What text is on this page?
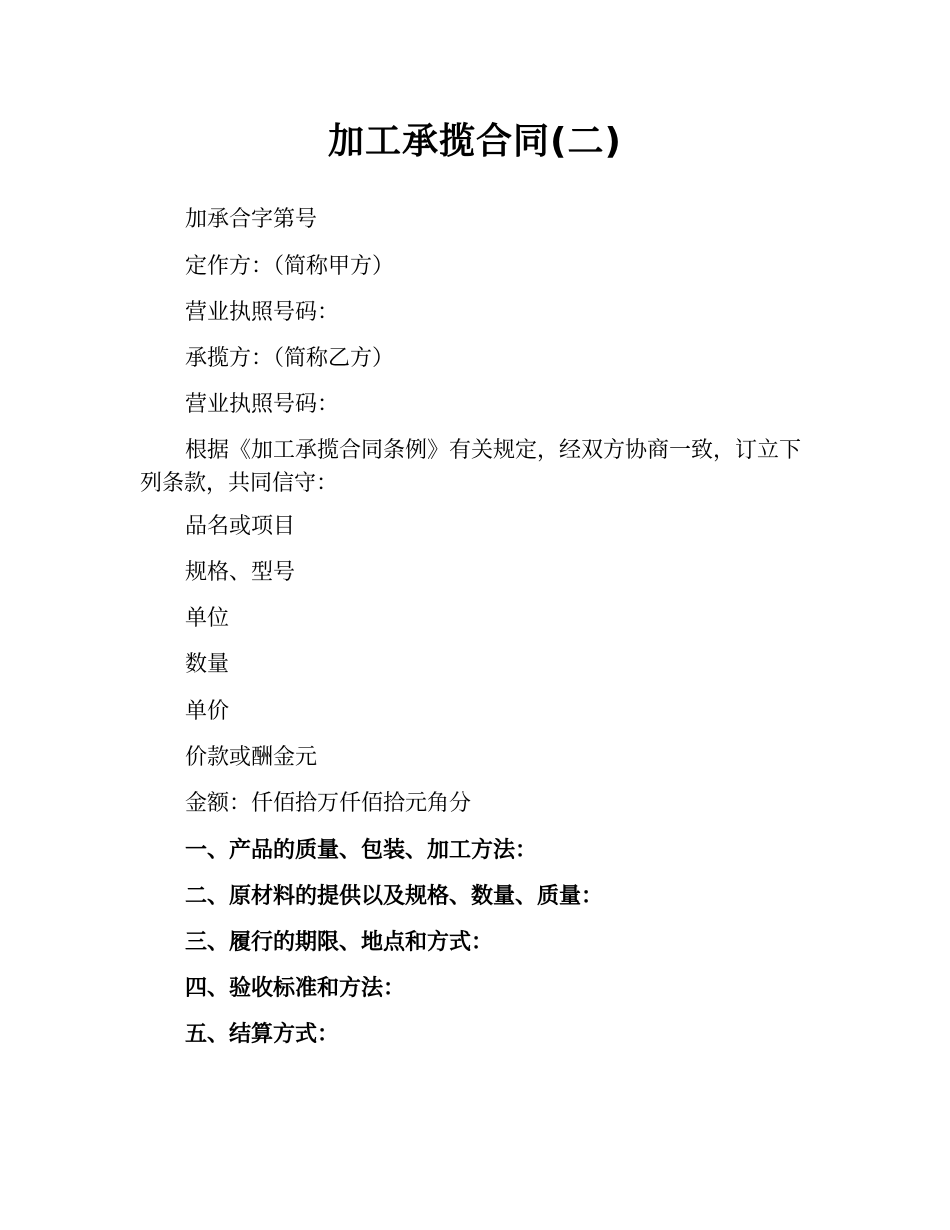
加工承揽合同(二)
加承合字第号
定作方：（简称甲方）
营业执照号码：
承揽方：（简称乙方）
营业执照号码：
根据《加工承揽合同条例》有关规定，经双方协商一致，订立下列条款，共同信守：
品名或项目
规格、型号
单位
数量
单价
价款或酬金元
金额：仟佰拾万仟佰拾元角分
一、产品的质量、包装、加工方法：
二、原材料的提供以及规格、数量、质量：
三、履行的期限、地点和方式：
四、验收标准和方法：
五、结算方式：
